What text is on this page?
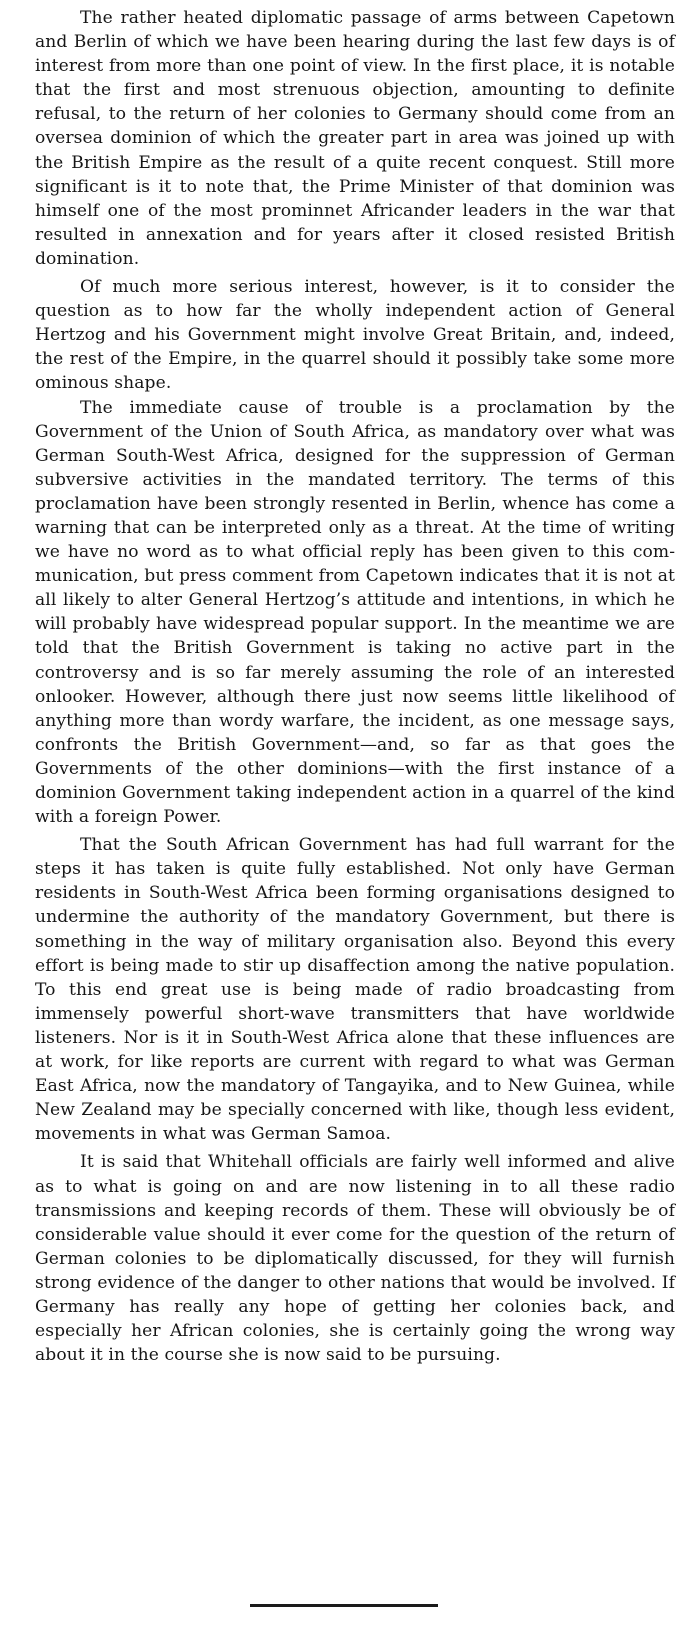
The rather heated diplomatic passage of arms between Capetown and Berlin of which we have been hearing during the last few days is of interest from more than one point of view. In the first place, it is notable that the first and most strenuous objection, amounting to definite refusal, to the return of her colonies to Germany should come from an oversea dominion of which the greater part in area was joined up with the British Empire as the result of a quite recent conquest. Still more significant is it to note that, the Prime Minister of that dominion was himself one of the most prominnet Africander leaders in the war that resulted in annexation and for years after it closed resisted British domination.

Of much more serious interest, however, is it to consider the question as to how far the wholly independent action of General Hertzog and his Government might involve Great Britain, and, indeed, the rest of the Empire, in the quarrel should it possibly take some more ominous shape.

The immediate cause of trouble is a proclamation by the Government of the Union of South Africa, as mandatory over what was German South-West Africa, designed for the suppression of German subversive activities in the mandated territory. The terms of this proclamation have been strongly resented in Berlin, whence has come a warning that can be interpreted only as a threat. At the time of writing we have no word as to what official reply has been given to this communication, but press comment from Capetown indicates that it is not at all likely to alter General Hertzog’s attitude and intentions, in which he will probably have widespread popular support. In the meantime we are told that the British Government is taking no active part in the controversy and is so far merely assuming the role of an interested onlooker. However, although there just now seems little likelihood of anything more than wordy warfare, the incident, as one message says, confronts the British Government—and, so far as that goes the Governments of the other dominions—with the first instance of a dominion Government taking independent action in a quarrel of the kind with a foreign Power.

That the South African Government has had full warrant for the steps it has taken is quite fully established. Not only have German residents in South-West Africa been forming organisations designed to undermine the authority of the mandatory Government, but there is something in the way of military organisation also. Beyond this every effort is being made to stir up disaffection among the native population. To this end great use is being made of radio broadcasting from immensely powerful short-wave transmitters that have worldwide listeners. Nor is it in South-West Africa alone that these influences are at work, for like reports are current with regard to what was German East Africa, now the mandatory of Tangayika, and to New Guinea, while New Zealand may be specially concerned with like, though less evident, movements in what was German Samoa.

It is said that Whitehall officials are fairly well informed and alive as to what is going on and are now listening in to all these radio transmissions and keeping records of them. These will obviously be of considerable value should it ever come for the question of the return of German colonies to be diplomatically discussed, for they will furnish strong evidence of the danger to other nations that would be involved. If Germany has really any hope of getting her colonies back, and especially her African colonies, she is certainly going the wrong way about it in the course she is now said to be pursuing.
